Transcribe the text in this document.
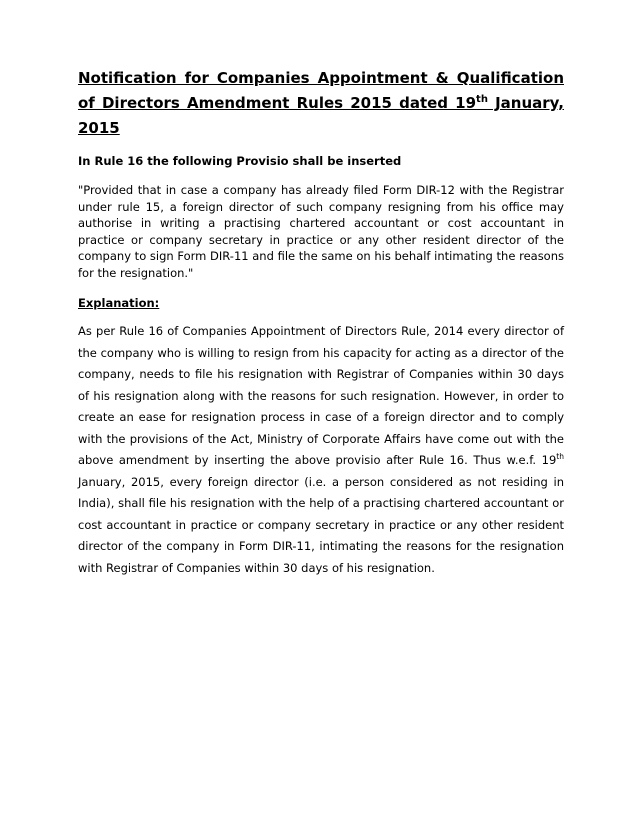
Notification for Companies Appointment & Qualification of Directors Amendment Rules 2015 dated 19th January, 2015

In Rule 16 the following Provisio shall be inserted

"Provided that in case a company has already filed Form DIR-12 with the Registrar under rule 15, a foreign director of such company resigning from his office may authorise in writing a practising chartered accountant or cost accountant in practice or company secretary in practice or any other resident director of the company to sign Form DIR-11 and file the same on his behalf intimating the reasons for the resignation."

Explanation:

As per Rule 16 of Companies Appointment of Directors Rule, 2014 every director of the company who is willing to resign from his capacity for acting as a director of the company, needs to file his resignation with Registrar of Companies within 30 days of his resignation along with the reasons for such resignation. However, in order to create an ease for resignation process in case of a foreign director and to comply with the provisions of the Act, Ministry of Corporate Affairs have come out with the above amendment by inserting the above provisio after Rule 16. Thus w.e.f. 19th January, 2015, every foreign director (i.e. a person considered as not residing in India), shall file his resignation with the help of a practising chartered accountant or cost accountant in practice or company secretary in practice or any other resident director of the company in Form DIR-11, intimating the reasons for the resignation with Registrar of Companies within 30 days of his resignation.
